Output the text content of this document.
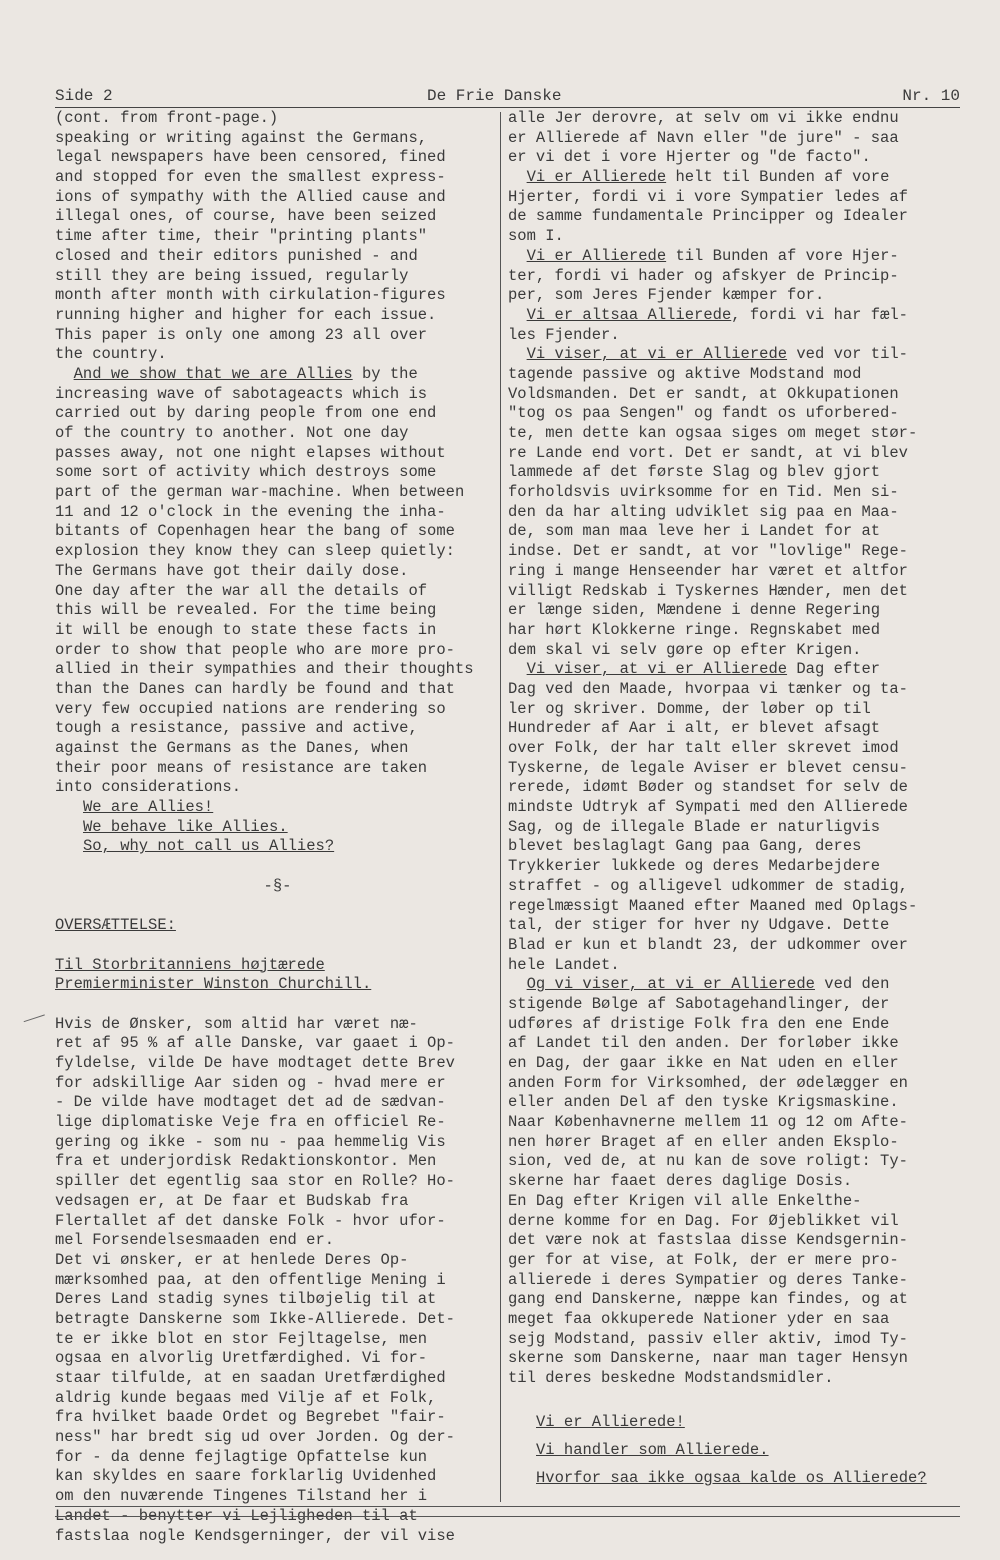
Side 2	De Frie Danske	Nr. 10
(cont. from front-page.)
speaking or writing against the Germans,
legal newspapers have been censored, fined
and stopped for even the smallest express-
ions of sympathy with the Allied cause and
illegal ones, of course, have been seized
time after time, their "printing plants"
closed and their editors punished - and
still they are being issued, regularly
month after month with cirkulation-figures
running higher and higher for each issue.
This paper is only one among 23 all over
the country.
And we show that we are Allies by the
increasing wave of sabotageacts which is
carried out by daring people from one end
of the country to another. Not one day
passes away, not one night elapses without
some sort of activity which destroys some
part of the german war-machine. When between
11 and 12 o'clock in the evening the inha-
bitants of Copenhagen hear the bang of some
explosion they know they can sleep quietly:
The Germans have got their daily dose.
One day after the war all the details of
this will be revealed. For the time being
it will be enough to state these facts in
order to show that people who are more pro-
allied in their sympathies and their thoughts
than the Danes can hardly be found and that
very few occupied nations are rendering so
tough a resistance, passive and active,
against the Germans as the Danes, when
their poor means of resistance are taken
into considerations.
We are Allies!
We behave like Allies.
So, why not call us Allies?
-§-
OVERSÆTTELSE:
Til Storbritanniens højtærede
Premierminister Winston Churchill.
Hvis de Ønsker, som altid har været næ-
ret af 95 % af alle Danske, var gaaet i Op-
fyldelse, vilde De have modtaget dette Brev
for adskillige Aar siden og - hvad mere er
- De vilde have modtaget det ad de sædvan-
lige diplomatiske Veje fra en officiel Re-
gering og ikke - som nu - paa hemmelig Vis
fra et underjordisk Redaktionskontor. Men
spiller det egentlig saa stor en Rolle? Ho-
vedsagen er, at De faar et Budskab fra
Flertallet af det danske Folk - hvor ufor-
mel Forsendelsesmaaden end er.
Det vi ønsker, er at henlede Deres Op-
mærksomhed paa, at den offentlige Mening i
Deres Land stadig synes tilbøjelig til at
betragte Danskerne som Ikke-Allierede. Det-
te er ikke blot en stor Fejltagelse, men
ogsaa en alvorlig Uretfærdighed. Vi for-
staar tilfulde, at en saadan Uretfærdighed
aldrig kunde begaas med Vilje af et Folk,
fra hvilket baade Ordet og Begrebet "fair-
ness" har bredt sig ud over Jorden. Og der-
for - da denne fejlagtige Opfattelse kun
kan skyldes en saare forklarlig Uvidenhed
om den nuværende Tingenes Tilstand her i
Landet - benytter vi Lejligheden til at
fastslaa nogle Kendsgerninger, der vil vise
alle Jer derovre, at selv om vi ikke endnu
er Allierede af Navn eller "de jure" - saa
er vi det i vore Hjerter og "de facto".
Vi er Allierede helt til Bunden af vore
Hjerter, fordi vi i vore Sympatier ledes af
de samme fundamentale Principper og Idealer
som I.
Vi er Allierede til Bunden af vore Hjer-
ter, fordi vi hader og afskyer de Princip-
per, som Jeres Fjender kæmper for.
Vi er altsaa Allierede, fordi vi har fæl-
les Fjender.
Vi viser, at vi er Allierede ved vor til-
tagende passive og aktive Modstand mod
Voldsmanden. Det er sandt, at Okkupationen
"tog os paa Sengen" og fandt os uforbered-
te, men dette kan ogsaa siges om meget stør-
re Lande end vort. Det er sandt, at vi blev
lammede af det første Slag og blev gjort
forholdsvis uvirksomme for en Tid. Men si-
den da har alting udviklet sig paa en Maa-
de, som man maa leve her i Landet for at
indse. Det er sandt, at vor "lovlige" Rege-
ring i mange Henseender har været et altfor
villigt Redskab i Tyskernes Hænder, men det
er længe siden, Mændene i denne Regering
har hørt Klokkerne ringe. Regnskabet med
dem skal vi selv gøre op efter Krigen.
Vi viser, at vi er Allierede Dag efter
Dag ved den Maade, hvorpaa vi tænker og ta-
ler og skriver. Domme, der løber op til
Hundreder af Aar i alt, er blevet afsagt
over Folk, der har talt eller skrevet imod
Tyskerne, de legale Aviser er blevet censu-
rerede, idømt Bøder og standset for selv de
mindste Udtryk af Sympati med den Allierede
Sag, og de illegale Blade er naturligvis
blevet beslaglagt Gang paa Gang, deres
Trykkerier lukkede og deres Medarbejdere
straffet - og alligevel udkommer de stadig,
regelmæssigt Maaned efter Maaned med Oplags-
tal, der stiger for hver ny Udgave. Dette
Blad er kun et blandt 23, der udkommer over
hele Landet.
Og vi viser, at vi er Allierede ved den
stigende Bølge af Sabotagehandlinger, der
udføres af dristige Folk fra den ene Ende
af Landet til den anden. Der forløber ikke
en Dag, der gaar ikke en Nat uden en eller
anden Form for Virksomhed, der ødelægger en
eller anden Del af den tyske Krigsmaskine.
Naar Københavnerne mellem 11 og 12 om Afte-
nen hører Braget af en eller anden Eksplo-
sion, ved de, at nu kan de sove roligt: Ty-
skerne har faaet deres daglige Dosis.
En Dag efter Krigen vil alle Enkelthe-
derne komme for en Dag. For Øjeblikket vil
det være nok at fastslaa disse Kendsgernin-
ger for at vise, at Folk, der er mere pro-
allierede i deres Sympatier og deres Tanke-
gang end Danskerne, næppe kan findes, og at
meget faa okkuperede Nationer yder en saa
sejg Modstand, passiv eller aktiv, imod Ty-
skerne som Danskerne, naar man tager Hensyn
til deres beskedne Modstandsmidler.
Vi er Allierede!
Vi handler som Allierede.
Hvorfor saa ikke ogsaa kalde os Allierede?
